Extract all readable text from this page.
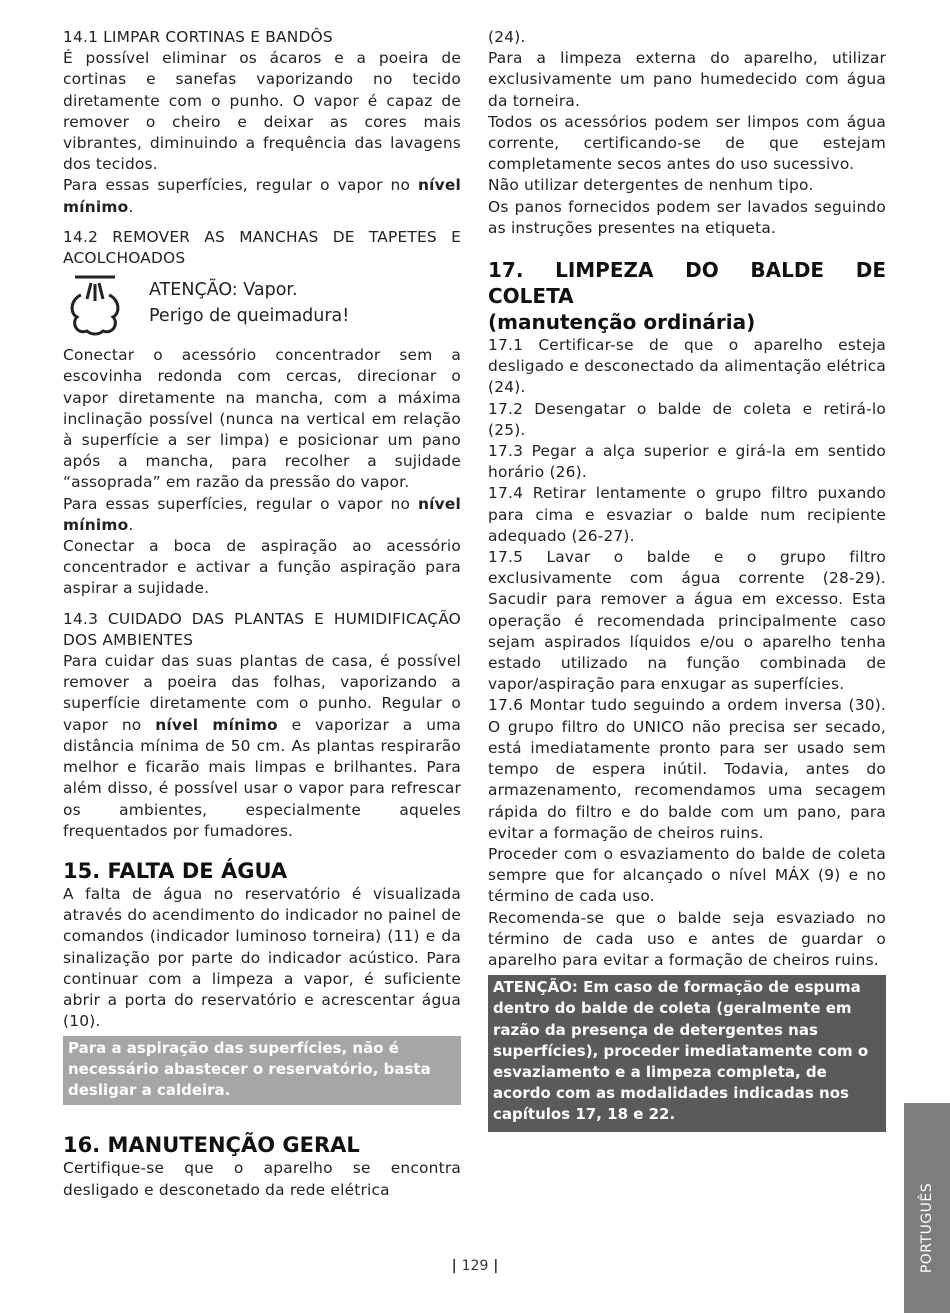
14.1 LIMPAR CORTINAS E BANDÔS

É possível eliminar os ácaros e a poeira de cortinas e sanefas vaporizando no tecido diretamente com o punho. O vapor é capaz de remover o cheiro e deixar as cores mais vibrantes, diminuindo a frequência das lavagens dos tecidos.

Para essas superfícies, regular o vapor no nível mínimo.

14.2 REMOVER AS MANCHAS DE TAPETES E ACOLCHOADOS

ATENÇÃO: Vapor.
Perigo de queimadura!

Conectar o acessório concentrador sem a escovinha redonda com cercas, direcionar o vapor diretamente na mancha, com a máxima inclinação possível (nunca na vertical em relação à superfície a ser limpa) e posicionar um pano após a mancha, para recolher a sujidade “assoprada” em razão da pressão do vapor.

Para essas superfícies, regular o vapor no nível mínimo.

Conectar a boca de aspiração ao acessório concentrador e activar a função aspiração para aspirar a sujidade.

14.3 CUIDADO DAS PLANTAS E HUMIDIFICAÇÃO DOS AMBIENTES

Para cuidar das suas plantas de casa, é possível remover a poeira das folhas, vaporizando a superfície diretamente com o punho. Regular o vapor no nível mínimo e vaporizar a uma distância mínima de 50 cm. As plantas respirarão melhor e ficarão mais limpas e brilhantes. Para além disso, é possível usar o vapor para refrescar os ambientes, especialmente aqueles frequentados por fumadores.

15. FALTA DE ÁGUA

A falta de água no reservatório é visualizada através do acendimento do indicador no painel de comandos (indicador luminoso torneira) (11) e da sinalização por parte do indicador acústico. Para continuar com a limpeza a vapor, é suficiente abrir a porta do reservatório e acrescentar água (10).

Para a aspiração das superfícies, não é necessário abastecer o reservatório, basta desligar a caldeira.
16. MANUTENÇÃO GERAL

Certifique-se que o aparelho se encontra desligado e desconetado da rede elétrica

(24).

Para a limpeza externa do aparelho, utilizar exclusivamente um pano humedecido com água da torneira.

Todos os acessórios podem ser limpos com água corrente, certificando-se de que estejam completamente secos antes do uso sucessivo.

Não utilizar detergentes de nenhum tipo.

Os panos fornecidos podem ser lavados seguindo as instruções presentes na etiqueta.

17. LIMPEZA DO BALDE DE
COLETA
(manutenção ordinária)

17.1 Certificar-se de que o aparelho esteja desligado e desconectado da alimentação elétrica (24).

17.2 Desengatar o balde de coleta e retirá-lo (25).

17.3 Pegar a alça superior e girá-la em sentido horário (26).

17.4 Retirar lentamente o grupo filtro puxando para cima e esvaziar o balde num recipiente adequado (26-27).

17.5 Lavar o balde e o grupo filtro exclusivamente com água corrente (28-29). Sacudir para remover a água em excesso. Esta operação é recomendada principalmente caso sejam aspirados líquidos e/ou o aparelho tenha estado utilizado na função combinada de vapor/aspiração para enxugar as superfícies.

17.6 Montar tudo seguindo a ordem inversa (30). O grupo filtro do UNICO não precisa ser secado, está imediatamente pronto para ser usado sem tempo de espera inútil. Todavia, antes do armazenamento, recomendamos uma secagem rápida do filtro e do balde com um pano, para evitar a formação de cheiros ruins.

Proceder com o esvaziamento do balde de coleta sempre que for alcançado o nível MÁX (9) e no término de cada uso.

Recomenda-se que o balde seja esvaziado no término de cada uso e antes de guardar o aparelho para evitar a formação de cheiros ruins.

ATENÇÃO: Em caso de formação de espuma dentro do balde de coleta (geralmente em razão da presença de detergentes nas superfícies), proceder imediatamente com o esvaziamento e a limpeza completa, de acordo com as modalidades indicadas nos capítulos 17, 18 e 22.
| 129 |	PORTUGUÊS
